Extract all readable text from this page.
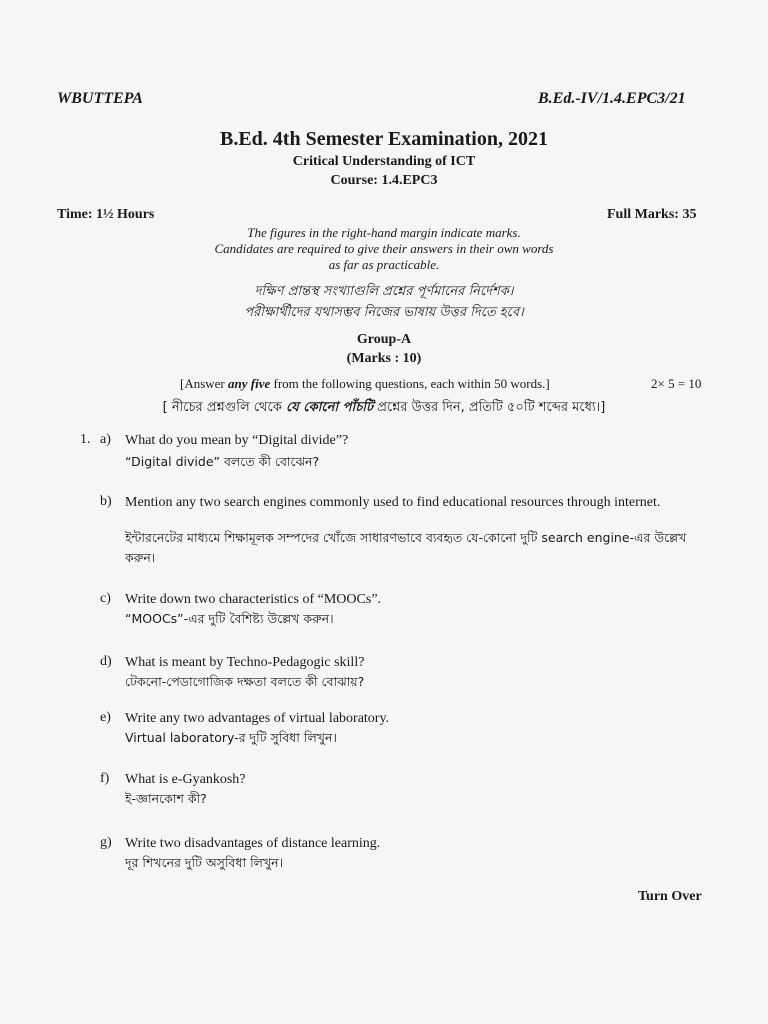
WBUTTEPA	B.Ed.-IV/1.4.EPC3/21
B.Ed. 4th Semester Examination, 2021
Critical Understanding of ICT
Course: 1.4.EPC3
Time: 1½ Hours	Full Marks: 35
The figures in the right-hand margin indicate marks.
Candidates are required to give their answers in their own words
as far as practicable.
দক্ষিণ প্রান্তস্থ সংখ্যাগুলি প্রশ্নের পূর্ণমানের নির্দেশক।
পরীক্ষার্থীদের যথাসম্ভব নিজের ভাষায় উত্তর দিতে হবে।
Group-A
(Marks : 10)
[Answer any five from the following questions, each within 50 words.]	2× 5 = 10
[ নীচের প্রশ্নগুলি থেকে যে কোনো পাঁচটি প্রশ্নের উত্তর দিন, প্রতিটি ৫০টি শব্দের মধ্যে।]
1. a) What do you mean by “Digital divide”?
“Digital divide” বলতে কী বোঝেন?
b) Mention any two search engines commonly used to find educational resources through internet.
ইন্টারনেটের মাধ্যমে শিক্ষামূলক সম্পদের খোঁজে সাধারণভাবে ব্যবহৃত যে-কোনো দুটি search engine-এর উল্লেখ করুন।
c) Write down two characteristics of “MOOCs”.
“MOOCs”-এর দুটি বৈশিষ্ট্য উল্লেখ করুন।
d) What is meant by Techno-Pedagogic skill?
টেকনো-পেডাগোজিক দক্ষতা বলতে কী বোঝায়?
e) Write any two advantages of virtual laboratory.
Virtual laboratory-র দুটি সুবিধা লিখুন।
f) What is e-Gyankosh?
ই-জ্ঞানকোশ কী?
g) Write two disadvantages of distance learning.
দূর শিখনের দুটি অসুবিধা লিখুন।
Turn Over
